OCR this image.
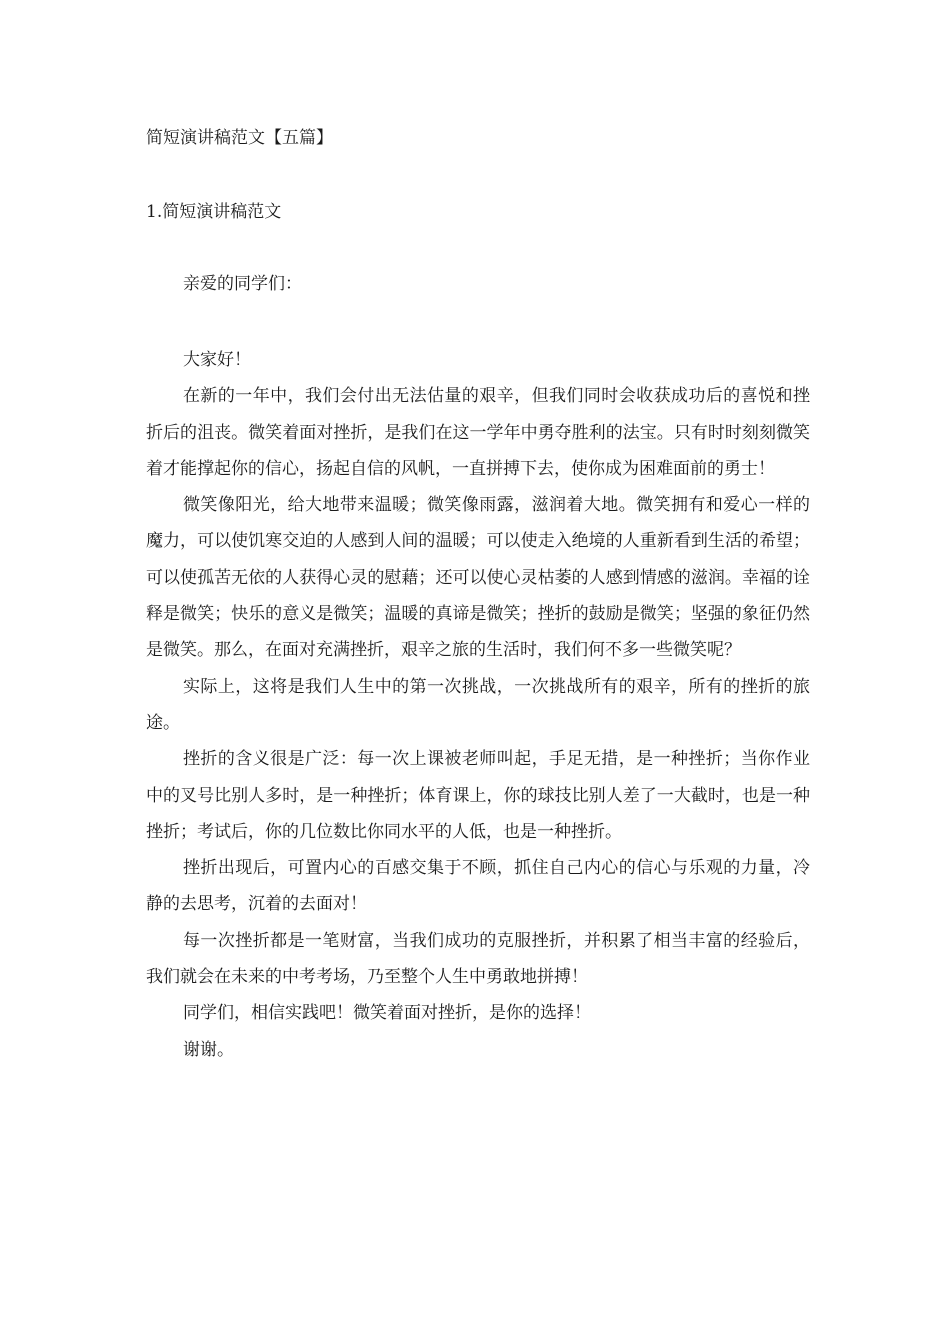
简短演讲稿范文【五篇】
1.简短演讲稿范文

亲爱的同学们：

大家好！

在新的一年中，我们会付出无法估量的艰辛，但我们同时会收获成功后的喜悦和挫折后的沮丧。微笑着面对挫折，是我们在这一学年中勇夺胜利的法宝。只有时时刻刻微笑着才能撑起你的信心，扬起自信的风帆，一直拼搏下去，使你成为困难面前的勇士！

微笑像阳光，给大地带来温暖；微笑像雨露，滋润着大地。微笑拥有和爱心一样的魔力，可以使饥寒交迫的人感到人间的温暖；可以使走入绝境的人重新看到生活的希望；可以使孤苦无依的人获得心灵的慰藉；还可以使心灵枯萎的人感到情感的滋润。幸福的诠释是微笑；快乐的意义是微笑；温暖的真谛是微笑；挫折的鼓励是微笑；坚强的象征仍然是微笑。那么，在面对充满挫折，艰辛之旅的生活时，我们何不多一些微笑呢？

实际上，这将是我们人生中的第一次挑战，一次挑战所有的艰辛，所有的挫折的旅途。

挫折的含义很是广泛：每一次上课被老师叫起，手足无措，是一种挫折；当你作业中的叉号比别人多时，是一种挫折；体育课上，你的球技比别人差了一大截时，也是一种挫折；考试后，你的几位数比你同水平的人低，也是一种挫折。

挫折出现后，可置内心的百感交集于不顾，抓住自己内心的信心与乐观的力量，冷静的去思考，沉着的去面对！

每一次挫折都是一笔财富，当我们成功的克服挫折，并积累了相当丰富的经验后，我们就会在未来的中考考场，乃至整个人生中勇敢地拼搏！

同学们，相信实践吧！微笑着面对挫折，是你的选择！

谢谢。
